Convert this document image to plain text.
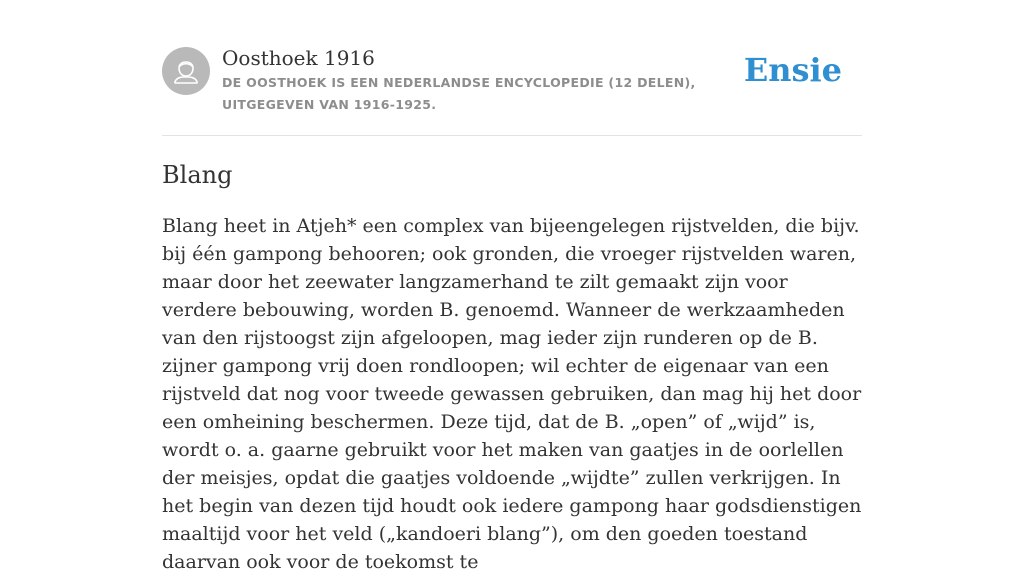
Oosthoek 1916
DE OOSTHOEK IS EEN NEDERLANDSE ENCYCLOPEDIE (12 DELEN), UITGEGEVEN VAN 1916-1925.
Ensie
Blang

Blang heet in Atjeh* een complex van bijeengelegen rijstvelden, die bijv. bij één gampong behooren; ook gronden, die vroeger rijstvelden waren, maar door het zeewater langzamerhand te zilt gemaakt zijn voor verdere bebouwing, worden B. genoemd. Wanneer de werkzaamheden van den rijstoogst zijn afgeloopen, mag ieder zijn runderen op de B. zijner gampong vrij doen rondloopen; wil echter de eigenaar van een rijstveld dat nog voor tweede gewassen gebruiken, dan mag hij het door een omheining beschermen. Deze tijd, dat de B. „open” of „wijd” is, wordt o. a. gaarne gebruikt voor het maken van gaatjes in de oorlellen der meisjes, opdat die gaatjes voldoende „wijdte” zullen verkrijgen. In het begin van dezen tijd houdt ook iedere gampong haar godsdienstigen maaltijd voor het veld („kandoeri blang”), om den goeden toestand daarvan ook voor de toekomst te
